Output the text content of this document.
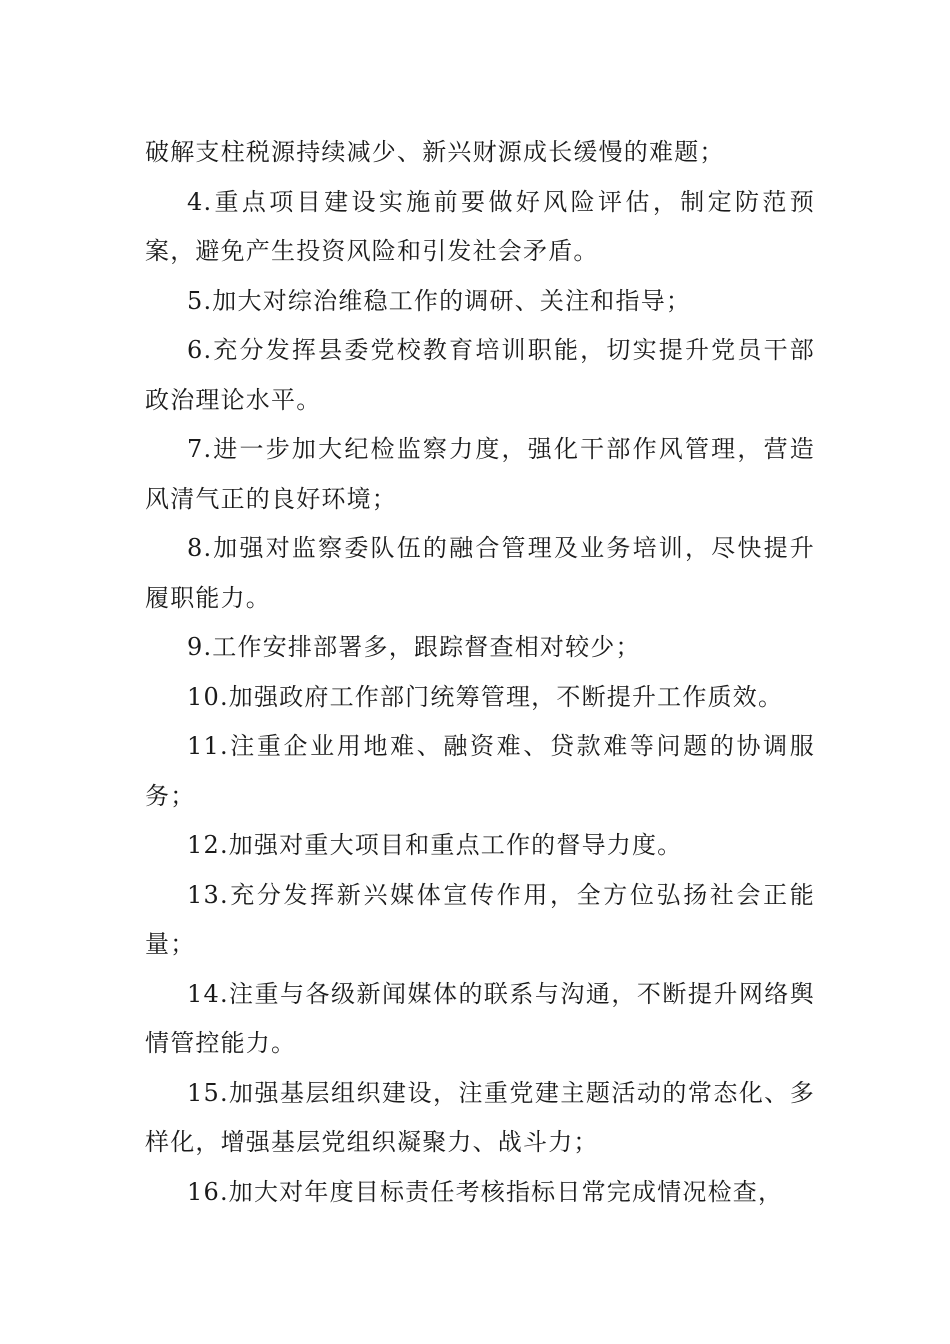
破解支柱税源持续减少、新兴财源成长缓慢的难题；

4.重点项目建设实施前要做好风险评估，制定防范预案，避免产生投资风险和引发社会矛盾。

5.加大对综治维稳工作的调研、关注和指导；

6.充分发挥县委党校教育培训职能，切实提升党员干部政治理论水平。

7.进一步加大纪检监察力度，强化干部作风管理，营造风清气正的良好环境；

8.加强对监察委队伍的融合管理及业务培训，尽快提升履职能力。

9.工作安排部署多，跟踪督查相对较少；

10.加强政府工作部门统筹管理，不断提升工作质效。

11.注重企业用地难、融资难、贷款难等问题的协调服务；

12.加强对重大项目和重点工作的督导力度。

13.充分发挥新兴媒体宣传作用，全方位弘扬社会正能量；

14.注重与各级新闻媒体的联系与沟通，不断提升网络舆情管控能力。

15.加强基层组织建设，注重党建主题活动的常态化、多样化，增强基层党组织凝聚力、战斗力；

16.加大对年度目标责任考核指标日常完成情况检查，
